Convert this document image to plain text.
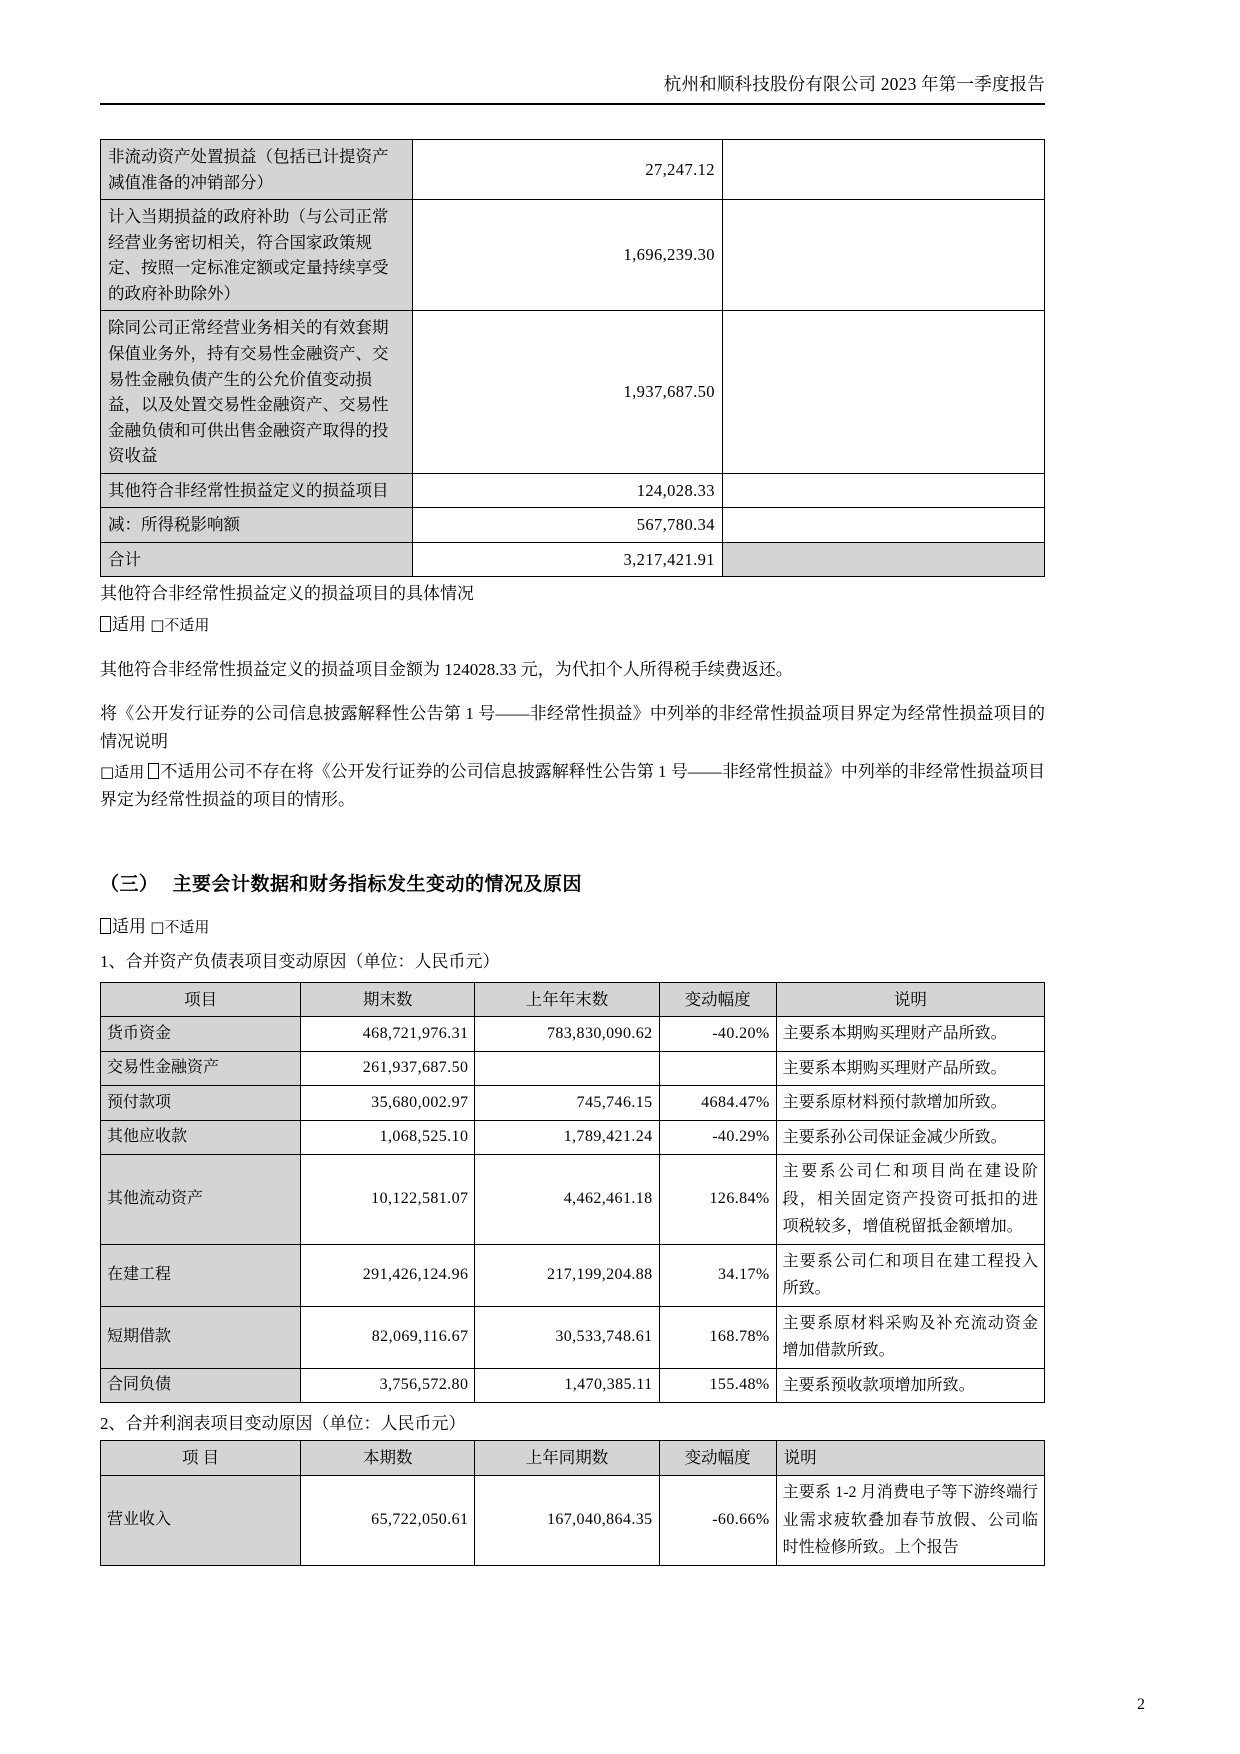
杭州和顺科技股份有限公司 2023 年第一季度报告
非流动资产处置损益（包括已计提资产减值准备的冲销部分）	27,247.12	
计入当期损益的政府补助（与公司正常经营业务密切相关，符合国家政策规定、按照一定标准定额或定量持续享受的政府补助除外）	1,696,239.30	
除同公司正常经营业务相关的有效套期保值业务外，持有交易性金融资产、交易性金融负债产生的公允价值变动损益，以及处置交易性金融资产、交易性金融负债和可供出售金融资产取得的投资收益	1,937,687.50	
其他符合非经常性损益定义的损益项目	124,028.33	
减：所得税影响额	567,780.34	
合计	3,217,421.91	

其他符合非经常性损益定义的损益项目的具体情况

适用 □不适用

其他符合非经常性损益定义的损益项目金额为 124028.33 元，为代扣个人所得税手续费返还。

将《公开发行证券的公司信息披露解释性公告第 1 号——非经常性损益》中列举的非经常性损益项目界定为经常性损益项目的情况说明

□适用 不适用公司不存在将《公开发行证券的公司信息披露解释性公告第 1 号——非经常性损益》中列举的非经常性损益项目界定为经常性损益的项目的情形。

（三） 主要会计数据和财务指标发生变动的情况及原因

适用 □不适用

1、合并资产负债表项目变动原因（单位：人民币元）

项目	期末数	上年年末数	变动幅度	说明
货币资金	468,721,976.31	783,830,090.62	-40.20%	主要系本期购买理财产品所致。
交易性金融资产	261,937,687.50			主要系本期购买理财产品所致。
预付款项	35,680,002.97	745,746.15	4684.47%	主要系原材料预付款增加所致。
其他应收款	1,068,525.10	1,789,421.24	-40.29%	主要系孙公司保证金减少所致。
其他流动资产	10,122,581.07	4,462,461.18	126.84%	主要系公司仁和项目尚在建设阶段，相关固定资产投资可抵扣的进项税较多，增值税留抵金额增加。
在建工程	291,426,124.96	217,199,204.88	34.17%	主要系公司仁和项目在建工程投入所致。
短期借款	82,069,116.67	30,533,748.61	168.78%	主要系原材料采购及补充流动资金增加借款所致。
合同负债	3,756,572.80	1,470,385.11	155.48%	主要系预收款项增加所致。

2、合并利润表项目变动原因（单位：人民币元）

项 目	本期数	上年同期数	变动幅度	说明
营业收入	65,722,050.61	167,040,864.35	-60.66%	主要系 1-2 月消费电子等下游终端行业需求疲软叠加春节放假、公司临时性检修所致。上个报告
2
